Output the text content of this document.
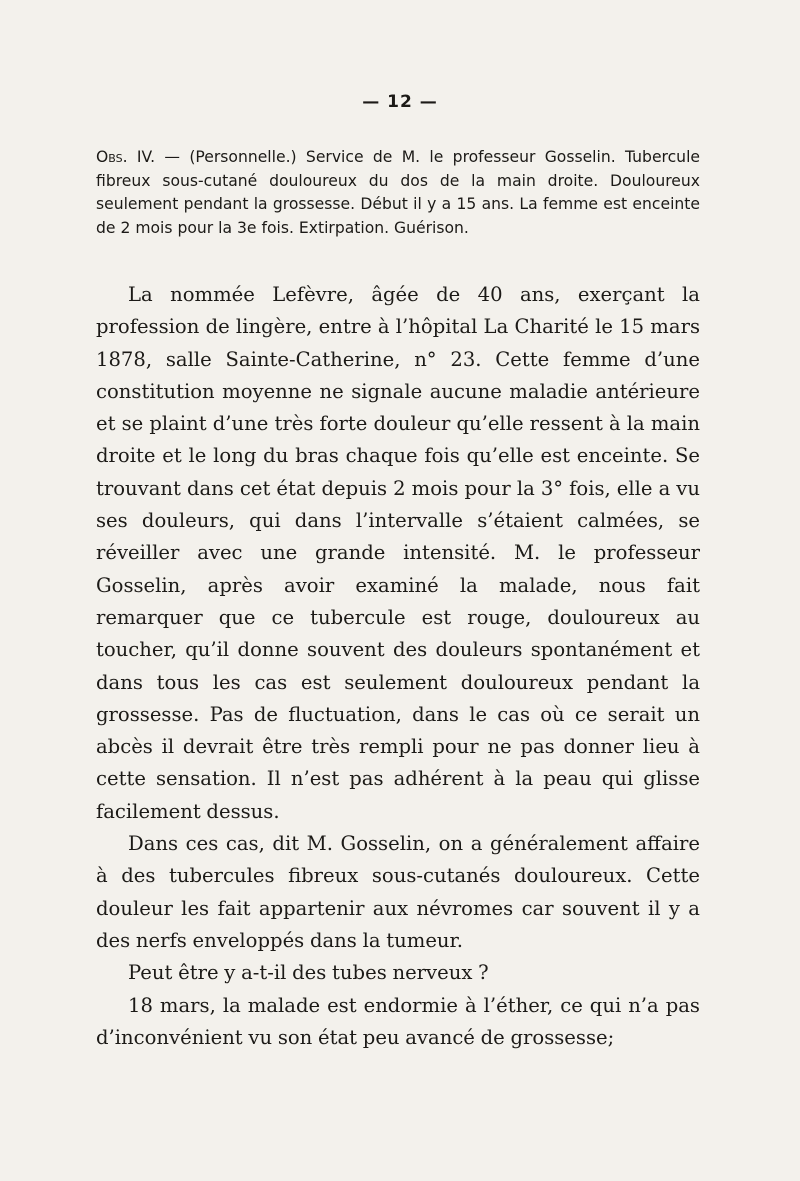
— 12 —
Obs. IV. — (Personnelle.) Service de M. le professeur Gosselin. Tubercule fibreux sous-cutané douloureux du dos de la main droite. Douloureux seulement pendant la grossesse. Début il y a 15 ans. La femme est enceinte de 2 mois pour la 3e fois. Extirpation. Guérison.

La nommée Lefèvre, âgée de 40 ans, exerçant la profession de lingère, entre à l’hôpital La Charité le 15 mars 1878, salle Sainte-Catherine, n° 23. Cette femme d’une constitution moyenne ne signale aucune maladie antérieure et se plaint d’une très forte douleur qu’elle ressent à la main droite et le long du bras chaque fois qu’elle est enceinte. Se trouvant dans cet état depuis 2 mois pour la 3° fois, elle a vu ses douleurs, qui dans l’intervalle s’étaient calmées, se réveiller avec une grande intensité. M. le professeur Gosselin, après avoir examiné la malade, nous fait remarquer que ce tubercule est rouge, douloureux au toucher, qu’il donne souvent des douleurs spontanément et dans tous les cas est seulement douloureux pendant la grossesse. Pas de fluctuation, dans le cas où ce serait un abcès il devrait être très rempli pour ne pas donner lieu à cette sensation. Il n’est pas adhérent à la peau qui glisse facilement dessus.

Dans ces cas, dit M. Gosselin, on a généralement affaire à des tubercules fibreux sous-cutanés douloureux. Cette douleur les fait appartenir aux névromes car souvent il y a des nerfs enveloppés dans la tumeur.

Peut être y a-t-il des tubes nerveux ?

18 mars, la malade est endormie à l’éther, ce qui n’a pas d’inconvénient vu son état peu avancé de grossesse;
